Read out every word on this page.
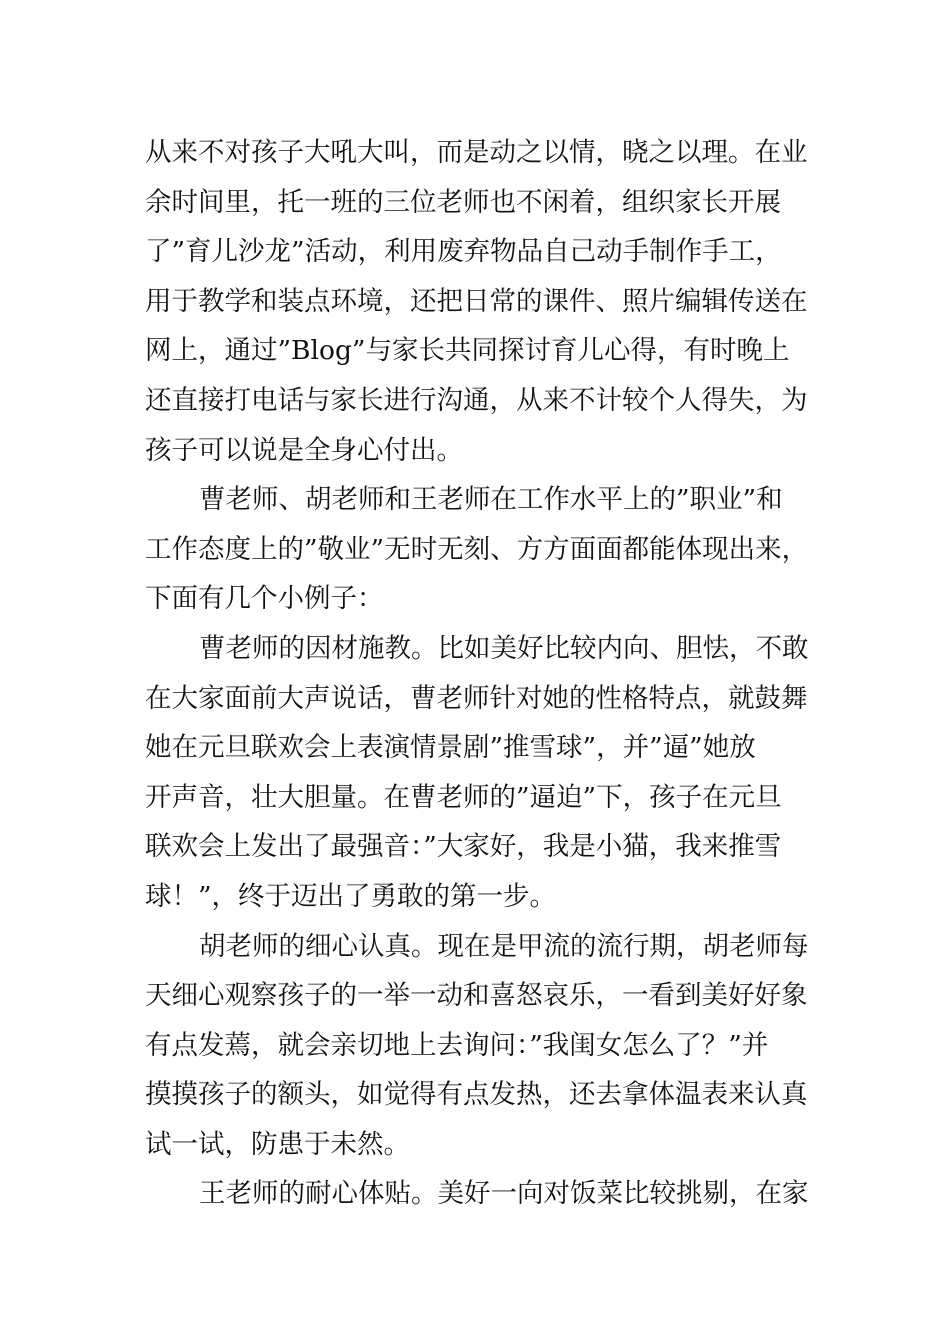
从来不对孩子大吼大叫，而是动之以情，晓之以理。在业
余时间里，托一班的三位老师也不闲着，组织家长开展
了”育儿沙龙”活动，利用废弃物品自己动手制作手工，
用于教学和装点环境，还把日常的课件、照片编辑传送在
网上，通过”Blog”与家长共同探讨育儿心得，有时晚上
还直接打电话与家长进行沟通，从来不计较个人得失，为
孩子可以说是全身心付出。

曹老师、胡老师和王老师在工作水平上的”职业”和
工作态度上的”敬业”无时无刻、方方面面都能体现出来，
下面有几个小例子：

曹老师的因材施教。比如美好比较内向、胆怯，不敢
在大家面前大声说话，曹老师针对她的性格特点，就鼓舞
她在元旦联欢会上表演情景剧”推雪球”，并”逼”她放
开声音，壮大胆量。在曹老师的”逼迫”下，孩子在元旦
联欢会上发出了最强音：”大家好，我是小猫，我来推雪
球！”，终于迈出了勇敢的第一步。

胡老师的细心认真。现在是甲流的流行期，胡老师每
天细心观察孩子的一举一动和喜怒哀乐，一看到美好好象
有点发蔫，就会亲切地上去询问：”我闺女怎么了？”并
摸摸孩子的额头，如觉得有点发热，还去拿体温表来认真
试一试，防患于未然。

王老师的耐心体贴。美好一向对饭菜比较挑剔，在家
